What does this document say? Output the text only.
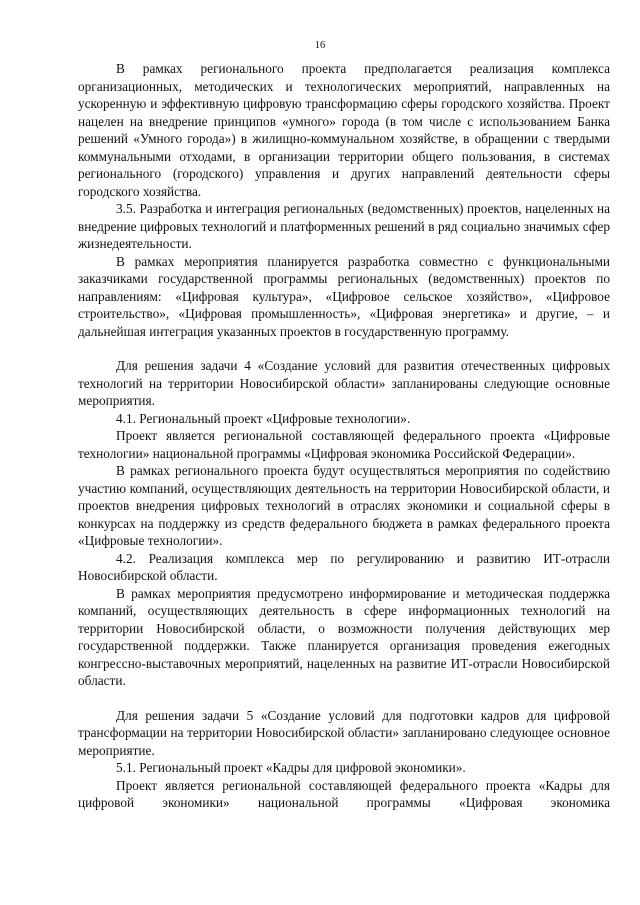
16

В рамках регионального проекта предполагается реализация комплекса организационных, методических и технологических мероприятий, направленных на ускоренную и эффективную цифровую трансформацию сферы городского хозяйства. Проект нацелен на внедрение принципов «умного» города (в том числе с использованием Банка решений «Умного города») в жилищно-коммунальном хозяйстве, в обращении с твердыми коммунальными отходами, в организации территории общего пользования, в системах регионального (городского) управления и других направлений деятельности сферы городского хозяйства.

3.5. Разработка и интеграция региональных (ведомственных) проектов, нацеленных на внедрение цифровых технологий и платформенных решений в ряд социально значимых сфер жизнедеятельности.

В рамках мероприятия планируется разработка совместно с функциональными заказчиками государственной программы региональных (ведомственных) проектов по направлениям: «Цифровая культура», «Цифровое сельское хозяйство», «Цифровое строительство», «Цифровая промышленность», «Цифровая энергетика» и другие, – и дальнейшая интеграция указанных проектов в государственную программу.

Для решения задачи 4 «Создание условий для развития отечественных цифровых технологий на территории Новосибирской области» запланированы следующие основные мероприятия.

4.1. Региональный проект «Цифровые технологии».

Проект является региональной составляющей федерального проекта «Цифровые технологии» национальной программы «Цифровая экономика Российской Федерации».

В рамках регионального проекта будут осуществляться мероприятия по содействию участию компаний, осуществляющих деятельность на территории Новосибирской области, и проектов внедрения цифровых технологий в отраслях экономики и социальной сферы в конкурсах на поддержку из средств федерального бюджета в рамках федерального проекта «Цифровые технологии».

4.2. Реализация комплекса мер по регулированию и развитию ИТ-отрасли Новосибирской области.

В рамках мероприятия предусмотрено информирование и методическая поддержка компаний, осуществляющих деятельность в сфере информационных технологий на территории Новосибирской области, о возможности получения действующих мер государственной поддержки. Также планируется организация проведения ежегодных конгрессно-выставочных мероприятий, нацеленных на развитие ИТ-отрасли Новосибирской области.

Для решения задачи 5 «Создание условий для подготовки кадров для цифровой трансформации на территории Новосибирской области» запланировано следующее основное мероприятие.

5.1. Региональный проект «Кадры для цифровой экономики».

Проект является региональной составляющей федерального проекта «Кадры для цифровой экономики» национальной программы «Цифровая экономика
